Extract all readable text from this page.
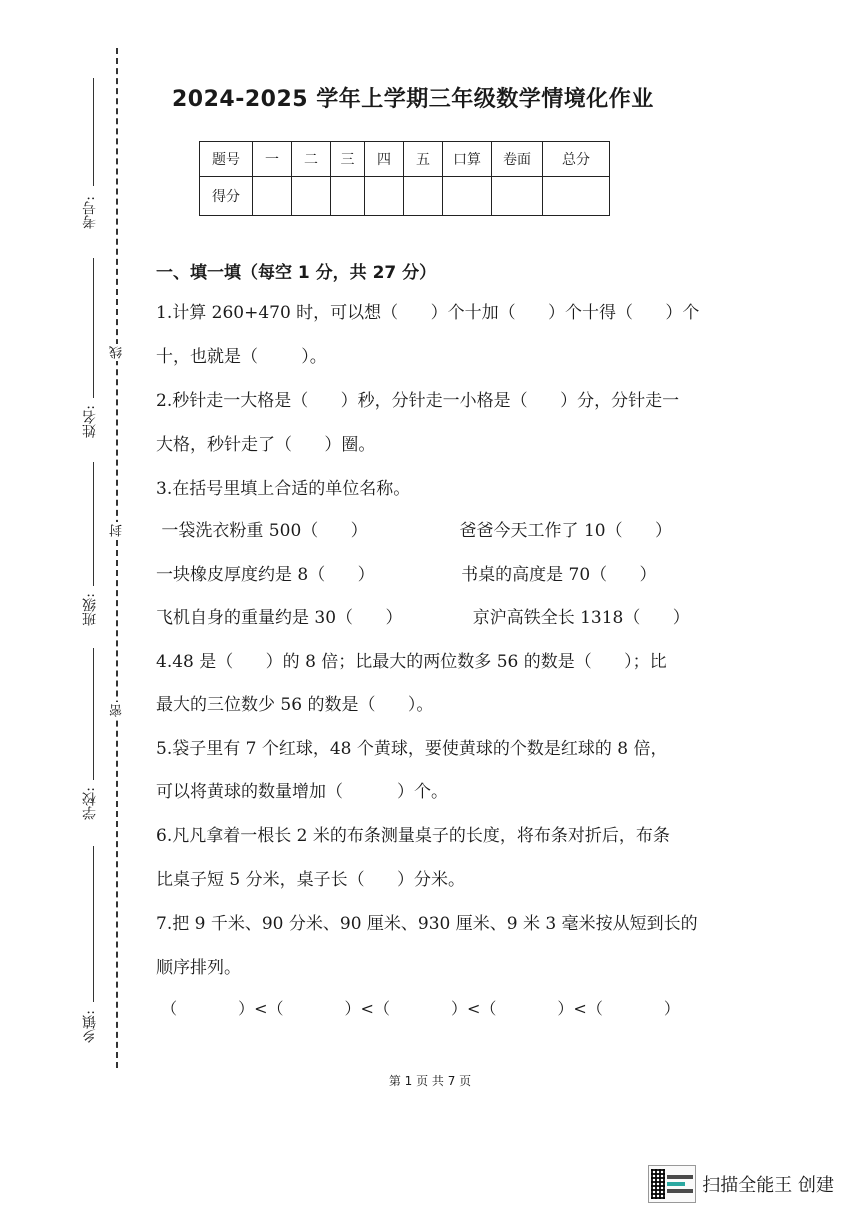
考号:
姓名:
班级:
学校:
乡镇:
线
封
密
2024-2025 学年上学期三年级数学情境化作业
题号	一	二	三	四	五	口算	卷面	总分
得分								
一、填一填（每空 1 分，共 27 分）
1.计算 260+470 时，可以想（      ）个十加（      ）个十得（      ）个
十，也就是（        ）。
2.秒针走一大格是（      ）秒，分针走一小格是（      ）分，分针走一
大格，秒针走了（      ）圈。
3.在括号里填上合适的单位名称。
一袋洗衣粉重 500（      ）                 爸爸今天工作了 10（      ）
一块橡皮厚度约是 8（      ）                书桌的高度是 70（      ）
飞机自身的重量约是 30（      ）             京沪高铁全长 1318（      ）
4.48 是（      ）的 8 倍；比最大的两位数多 56 的数是（      ）；比
最大的三位数少 56 的数是（      ）。
5.袋子里有 7 个红球，48 个黄球，要使黄球的个数是红球的 8 倍，
可以将黄球的数量增加（          ）个。
6.凡凡拿着一根长 2 米的布条测量桌子的长度，将布条对折后，布条
比桌子短 5 分米，桌子长（      ）分米。
7.把 9 千米、90 分米、90 厘米、930 厘米、9 米 3 毫米按从短到长的
顺序排列。
（            ）<（            ）<（            ）<（            ）<（            ）
第 1 页 共 7 页
扫描全能王 创建
